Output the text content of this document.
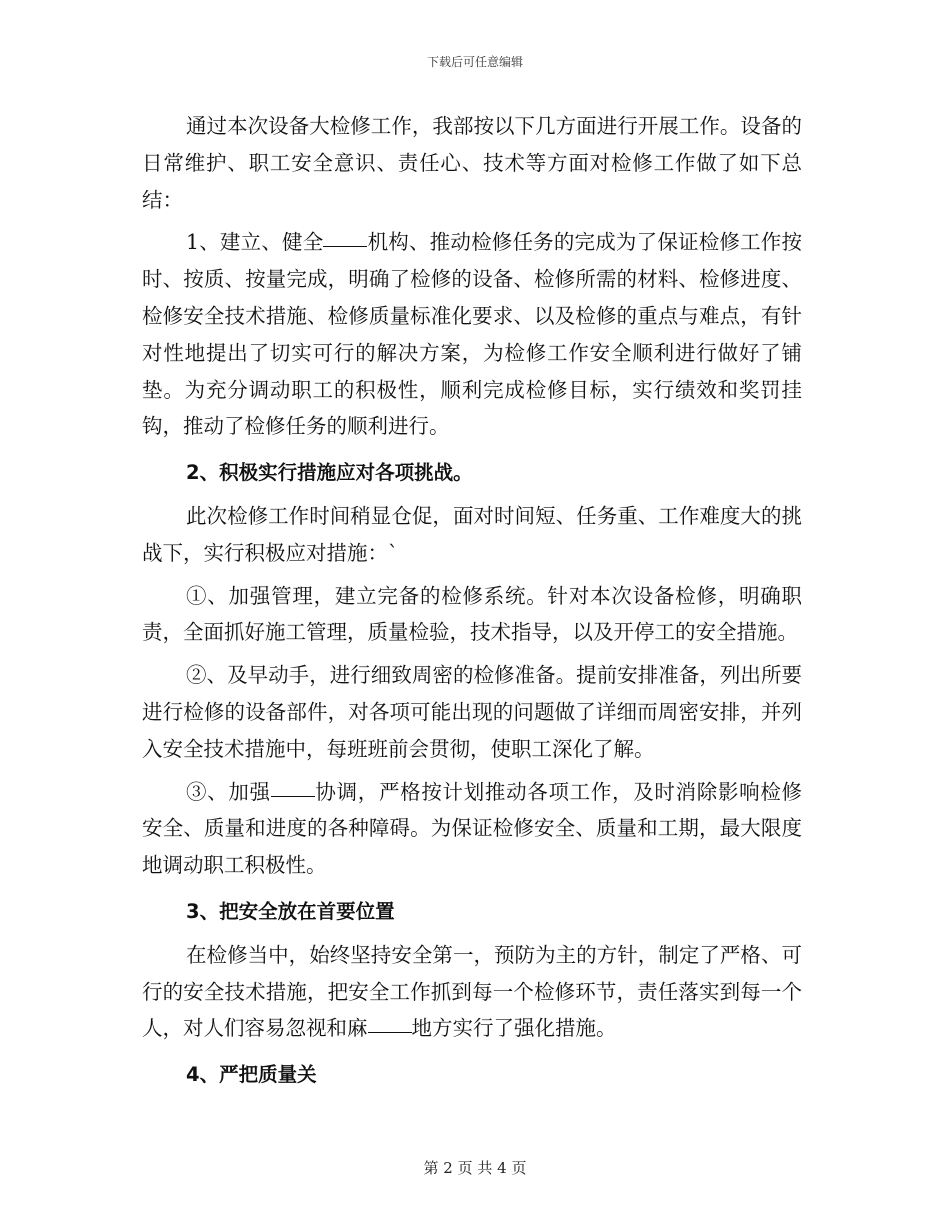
下载后可任意编辑

通过本次设备大检修工作，我部按以下几方面进行开展工作。设备的日常维护、职工安全意识、责任心、技术等方面对检修工作做了如下总结：

1、建立、健全 机构、推动检修任务的完成为了保证检修工作按时、按质、按量完成，明确了检修的设备、检修所需的材料、检修进度、检修安全技术措施、检修质量标准化要求、以及检修的重点与难点，有针对性地提出了切实可行的解决方案，为检修工作安全顺利进行做好了铺垫。为充分调动职工的积极性，顺利完成检修目标，实行绩效和奖罚挂钩，推动了检修任务的顺利进行。

2、积极实行措施应对各项挑战。

此次检修工作时间稍显仓促，面对时间短、任务重、工作难度大的挑战下，实行积极应对措施：`

①、加强管理，建立完备的检修系统。针对本次设备检修，明确职责，全面抓好施工管理，质量检验，技术指导，以及开停工的安全措施。

②、及早动手，进行细致周密的检修准备。提前安排准备，列出所要进行检修的设备部件，对各项可能出现的问题做了详细而周密安排，并列入安全技术措施中，每班班前会贯彻，使职工深化了解。

③、加强 协调，严格按计划推动各项工作，及时消除影响检修安全、质量和进度的各种障碍。为保证检修安全、质量和工期，最大限度地调动职工积极性。

3、把安全放在首要位置

在检修当中，始终坚持安全第一，预防为主的方针，制定了严格、可行的安全技术措施，把安全工作抓到每一个检修环节，责任落实到每一个人，对人们容易忽视和麻 地方实行了强化措施。

4、严把质量关

第 2 页 共 4 页
